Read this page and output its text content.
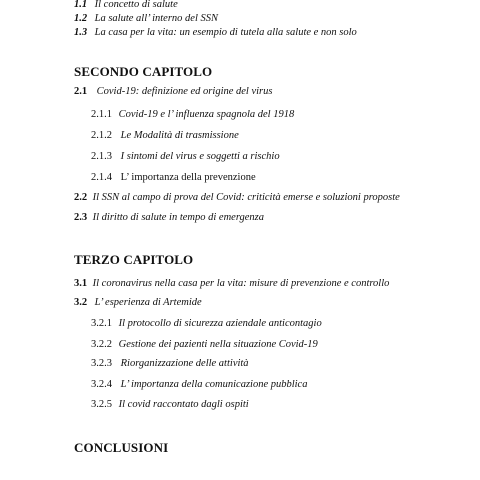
1.1 Il concetto di salute
1.2 La salute all’ interno del SSN
1.3 La casa per la vita: un esempio di tutela alla salute e non solo
SECONDO CAPITOLO
2.1 Covid-19: definizione ed origine del virus
2.1.1 Covid-19 e l’ influenza spagnola del 1918
2.1.2 Le Modalità di trasmissione
2.1.3 I sintomi del virus e soggetti a rischio
2.1.4 L’ importanza della prevenzione
2.2 Il SSN al campo di prova del Covid: criticità emerse e soluzioni proposte
2.3 Il diritto di salute in tempo di emergenza
TERZO CAPITOLO
3.1 Il coronavirus nella casa per la vita: misure di prevenzione e controllo
3.2 L’ esperienza di Artemide
3.2.1 Il protocollo di sicurezza aziendale anticontagio
3.2.2 Gestione dei pazienti nella situazione Covid-19
3.2.3 Riorganizzazione delle attività
3.2.4 L’ importanza della comunicazione pubblica
3.2.5 Il covid raccontato dagli ospiti
CONCLUSIONI
